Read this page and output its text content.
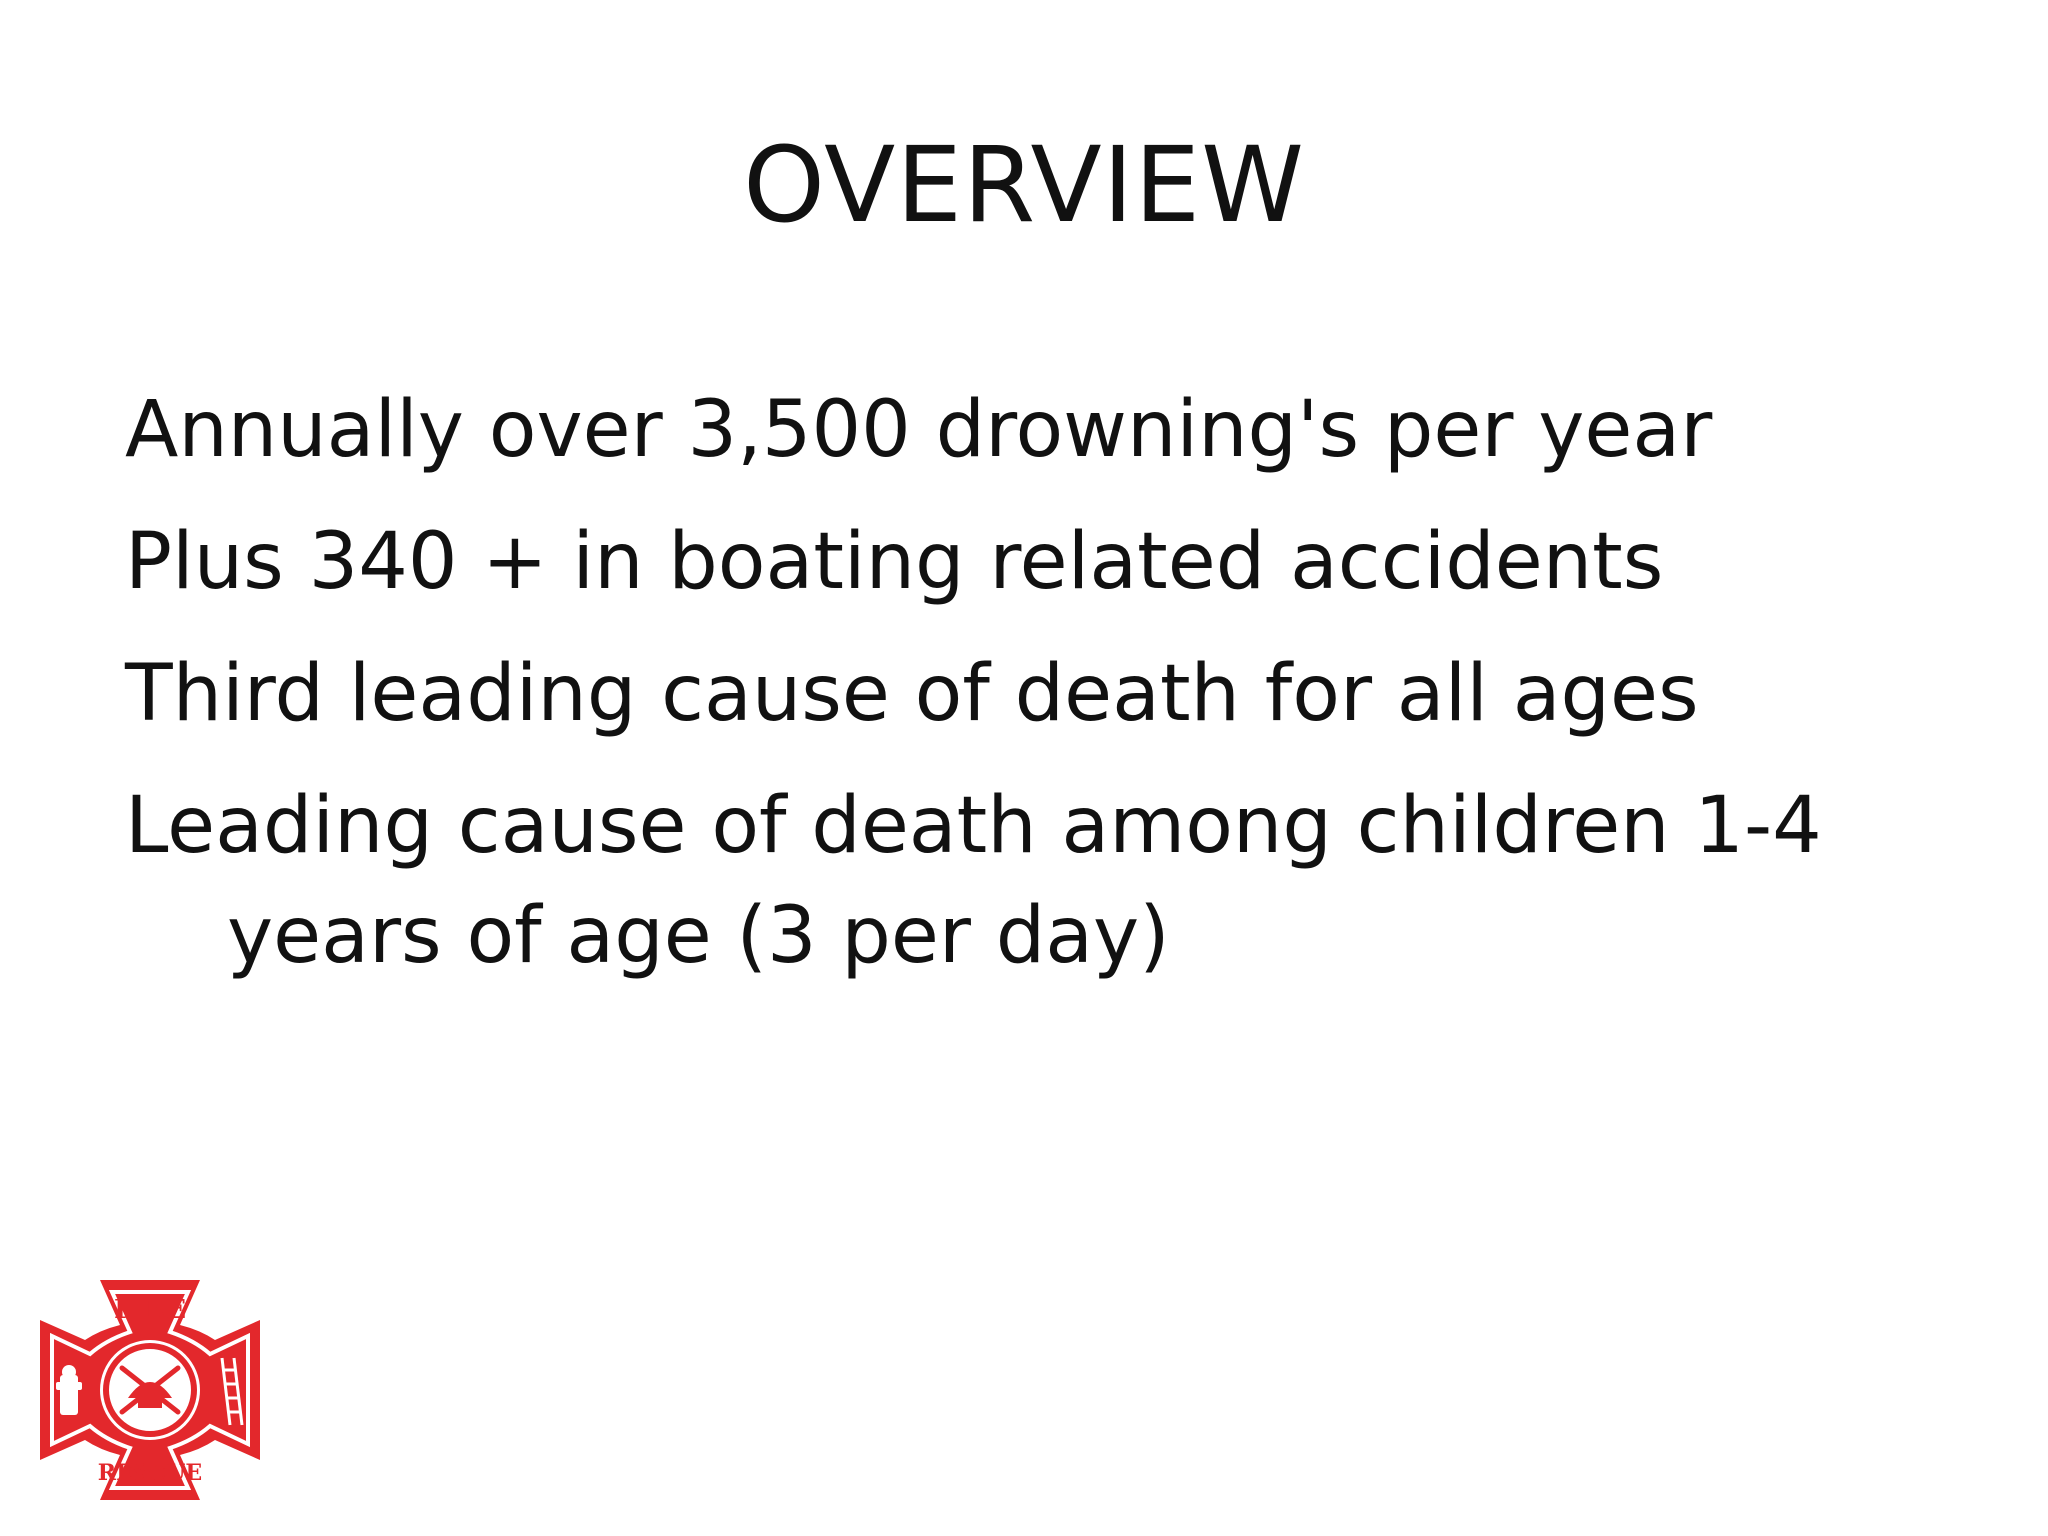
OVERVIEW
Annually over 3,500 drowning's per year
Plus 340 + in boating related accidents
Third leading cause of death for all ages
Leading cause of death among children 1-4 years of age (3 per day)
FIRE
RESCUE
